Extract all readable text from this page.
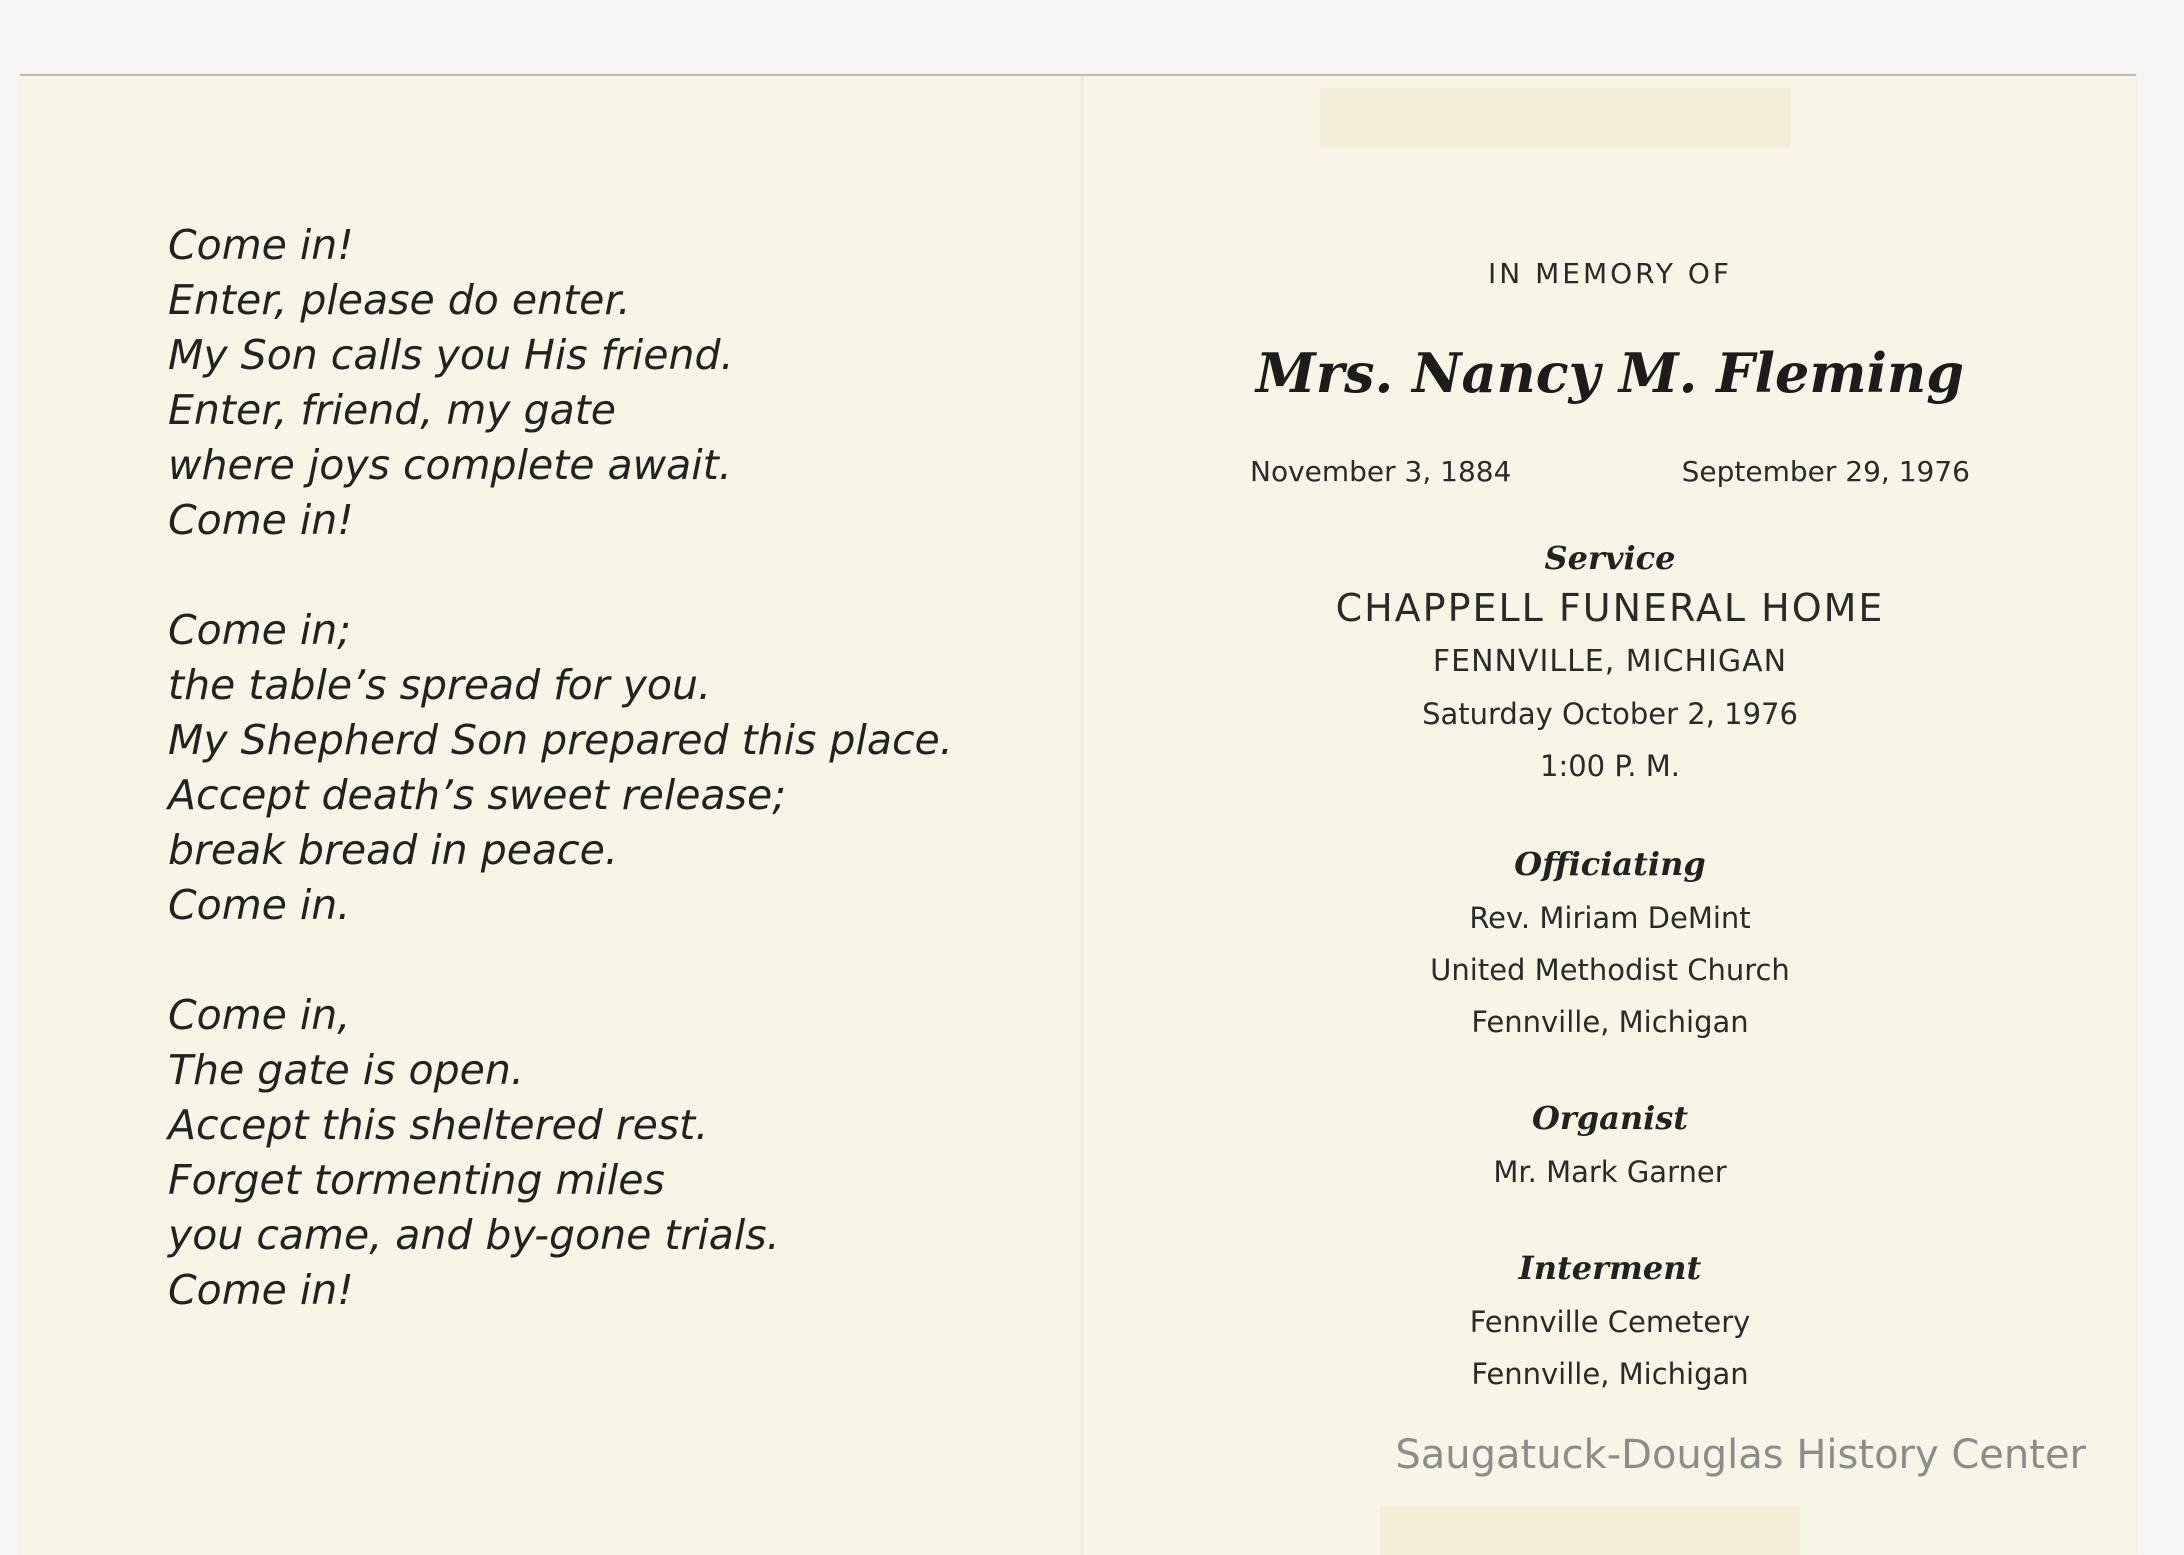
Come in!
Enter, please do enter.
My Son calls you His friend.
Enter, friend, my gate
where joys complete await.
Come in!
Come in;
the table’s spread for you.
My Shepherd Son prepared this place.
Accept death’s sweet release;
break bread in peace.
Come in.
Come in,
The gate is open.
Accept this sheltered rest.
Forget tormenting miles
you came, and by-gone trials.
Come in!
IN MEMORY OF
Mrs. Nancy M. Fleming
November 3, 1884	September 29, 1976
Service
CHAPPELL FUNERAL HOME
FENNVILLE, MICHIGAN
Saturday October 2, 1976
1:00 P. M.
Officiating
Rev. Miriam DeMint
United Methodist Church
Fennville, Michigan
Organist
Mr. Mark Garner
Interment
Fennville Cemetery
Fennville, Michigan
Saugatuck-Douglas History Center
